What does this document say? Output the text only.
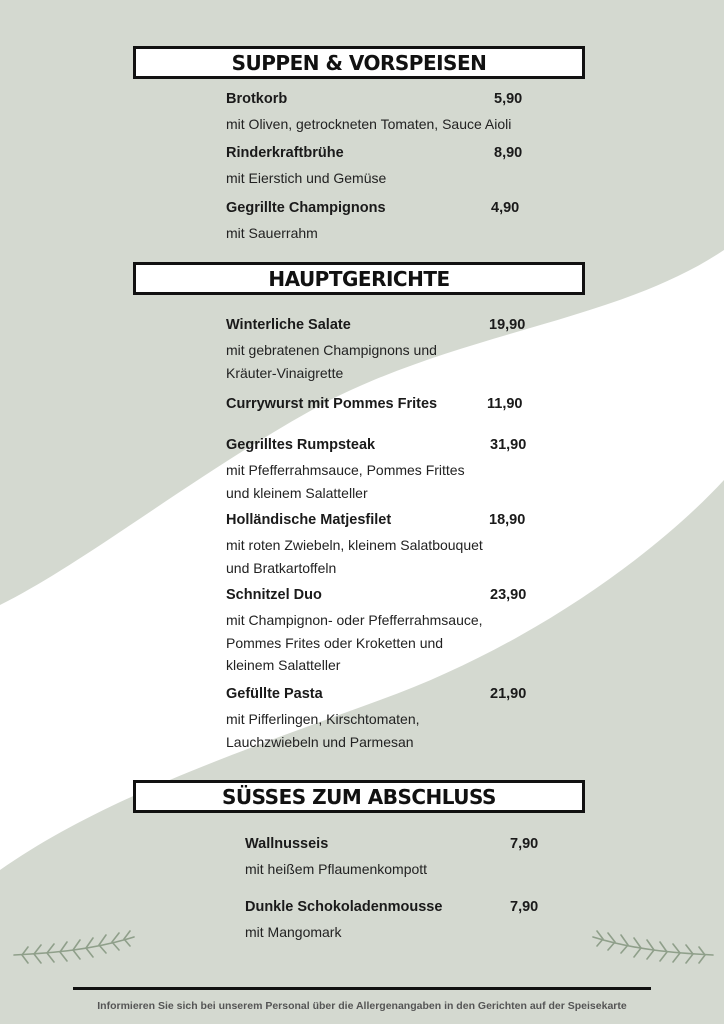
SUPPEN & VORSPEISEN
Brotkorb	5,90
mit Oliven, getrockneten Tomaten, Sauce Aioli
Rinderkraftbrühe	8,90
mit Eierstich und Gemüse
Gegrillte Champignons	4,90
mit Sauerrahm
HAUPTGERICHTE
Winterliche Salate	19,90
mit gebratenen Champignons und
Kräuter-Vinaigrette
Currywurst mit Pommes Frites	11,90
Gegrilltes Rumpsteak	31,90
mit Pfefferrahmsauce, Pommes Frittes
und kleinem Salatteller
Holländische Matjesfilet	18,90
mit roten Zwiebeln, kleinem Salatbouquet
und Bratkartoffeln
Schnitzel Duo	23,90
mit Champignon- oder Pfefferrahmsauce,
Pommes Frites oder Kroketten und
kleinem Salatteller
Gefüllte Pasta	21,90
mit Pifferlingen, Kirschtomaten,
Lauchzwiebeln und Parmesan
SÜSSES ZUM ABSCHLUSS
Wallnusseis	7,90
mit heißem Pflaumenkompott
Dunkle Schokoladenmousse	7,90
mit Mangomark
Informieren Sie sich bei unserem Personal über die Allergenangaben in den Gerichten auf der Speisekarte
